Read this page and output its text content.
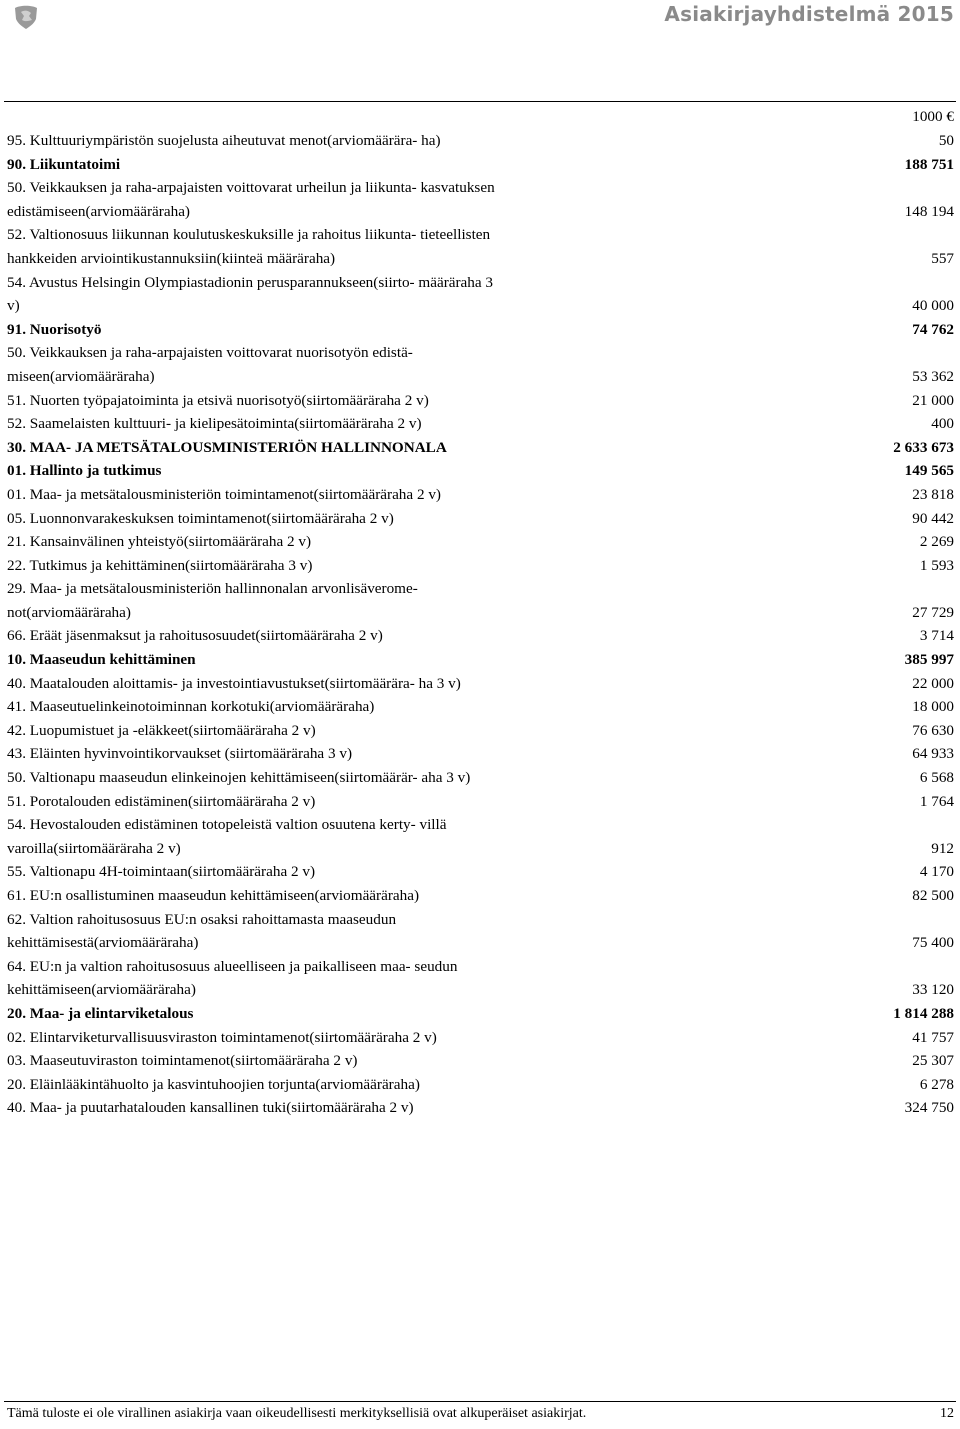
Asiakirjayhdistelmä 2015
1000 €
95. Kulttuuriympäristön suojelusta aiheutuvat menot(arviomäärära- ha)	50
90. Liikuntatoimi	188 751
50. Veikkauksen ja raha-arpajaisten voittovarat urheilun ja liikunta- kasvatuksen edistämiseen(arviomääräraha)	148 194
52. Valtionosuus liikunnan koulutuskeskuksille ja rahoitus liikunta- tieteellisten hankkeiden arviointikustannuksiin(kiinteä määräraha)	557
54. Avustus Helsingin Olympiastadionin perusparannukseen(siirto- määräraha 3 v)	40 000
91. Nuorisotyö	74 762
50. Veikkauksen ja raha-arpajaisten voittovarat nuorisotyön edistä- miseen(arviomääräraha)	53 362
51. Nuorten työpajatoiminta ja etsivä nuorisotyö(siirtomääräraha 2 v)	21 000
52. Saamelaisten kulttuuri- ja kielipesätoiminta(siirtomääräraha 2 v)	400
30. MAA- JA METSÄTALOUSMINISTERIÖN HALLINNONALA	2 633 673
01. Hallinto ja tutkimus	149 565
01. Maa- ja metsätalousministeriön toimintamenot(siirtomääräraha 2 v)	23 818
05. Luonnonvarakeskuksen toimintamenot(siirtomääräraha 2 v)	90 442
21. Kansainvälinen yhteistyö(siirtomääräraha 2 v)	2 269
22. Tutkimus ja kehittäminen(siirtomääräraha 3 v)	1 593
29. Maa- ja metsätalousministeriön hallinnonalan arvonlisäverome- not(arviomääräraha)	27 729
66. Eräät jäsenmaksut ja rahoitusosuudet(siirtomääräraha 2 v)	3 714
10. Maaseudun kehittäminen	385 997
40. Maatalouden aloittamis- ja investointiavustukset(siirtomäärära- ha 3 v)	22 000
41. Maaseutuelinkeinotoiminnan korkotuki(arviomääräraha)	18 000
42. Luopumistuet ja -eläkkeet(siirtomääräraha 2 v)	76 630
43. Eläinten hyvinvointikorvaukset (siirtomääräraha 3 v)	64 933
50. Valtionapu maaseudun elinkeinojen kehittämiseen(siirtomäärär- aha 3 v)	6 568
51. Porotalouden edistäminen(siirtomääräraha 2 v)	1 764
54. Hevostalouden edistäminen totopeleistä valtion osuutena kerty- villä varoilla(siirtomääräraha 2 v)	912
55. Valtionapu 4H-toimintaan(siirtomääräraha 2 v)	4 170
61. EU:n osallistuminen maaseudun kehittämiseen(arviomääräraha)	82 500
62. Valtion rahoitusosuus EU:n osaksi rahoittamasta maaseudun kehittämisestä(arviomääräraha)	75 400
64. EU:n ja valtion rahoitusosuus alueelliseen ja paikalliseen maa- seudun kehittämiseen(arviomääräraha)	33 120
20. Maa- ja elintarviketalous	1 814 288
02. Elintarviketurvallisuusviraston toimintamenot(siirtomääräraha 2 v)	41 757
03. Maaseutuviraston toimintamenot(siirtomääräraha 2 v)	25 307
20. Eläinlääkintähuolto ja kasvintuhoojien torjunta(arviomääräraha)	6 278
40. Maa- ja puutarhatalouden kansallinen tuki(siirtomääräraha 2 v)	324 750
Tämä tuloste ei ole virallinen asiakirja vaan oikeudellisesti merkityksellisiä ovat alkuperäiset asiakirjat.	12
